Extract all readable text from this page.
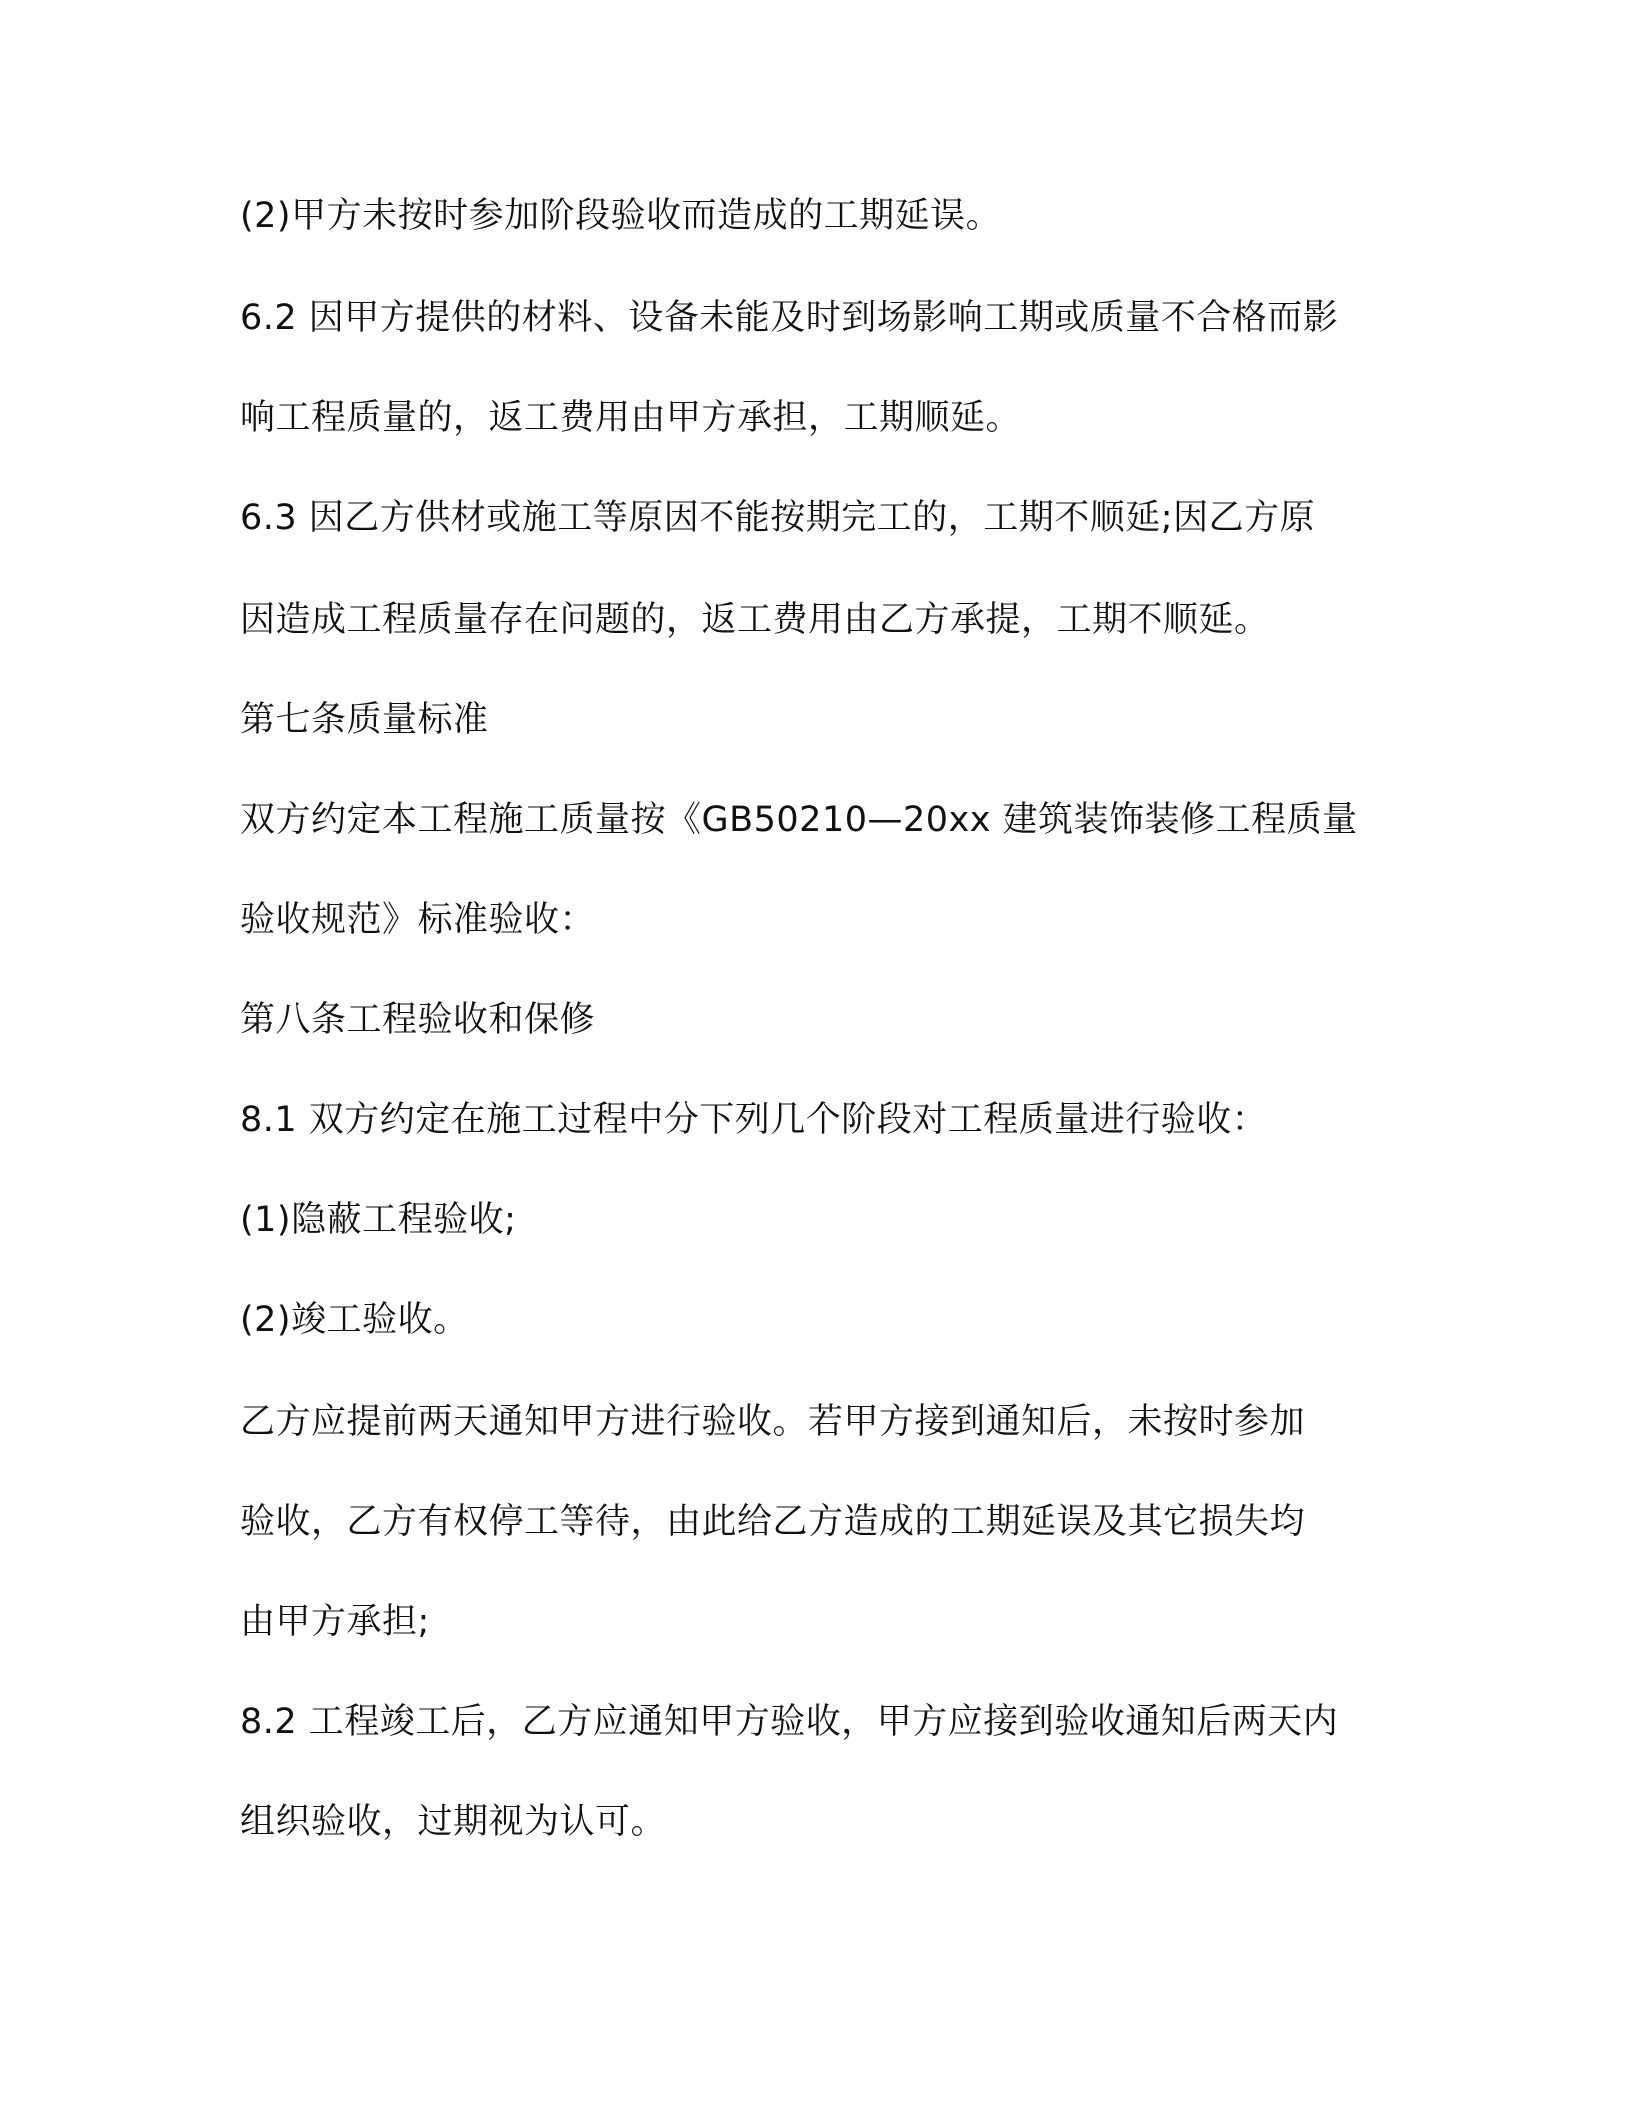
(2)甲方未按时参加阶段验收而造成的工期延误。
6.2 因甲方提供的材料、设备未能及时到场影响工期或质量不合格而影
响工程质量的，返工费用由甲方承担，工期顺延。
6.3 因乙方供材或施工等原因不能按期完工的，工期不顺延;因乙方原
因造成工程质量存在问题的，返工费用由乙方承提，工期不顺延。
第七条质量标准
双方约定本工程施工质量按《GB50210—20xx 建筑装饰装修工程质量
验收规范》标准验收：
第八条工程验收和保修
8.1 双方约定在施工过程中分下列几个阶段对工程质量进行验收：
(1)隐蔽工程验收;
(2)竣工验收。
乙方应提前两天通知甲方进行验收。若甲方接到通知后，未按时参加
验收，乙方有权停工等待，由此给乙方造成的工期延误及其它损失均
由甲方承担;
8.2 工程竣工后，乙方应通知甲方验收，甲方应接到验收通知后两天内
组织验收，过期视为认可。
